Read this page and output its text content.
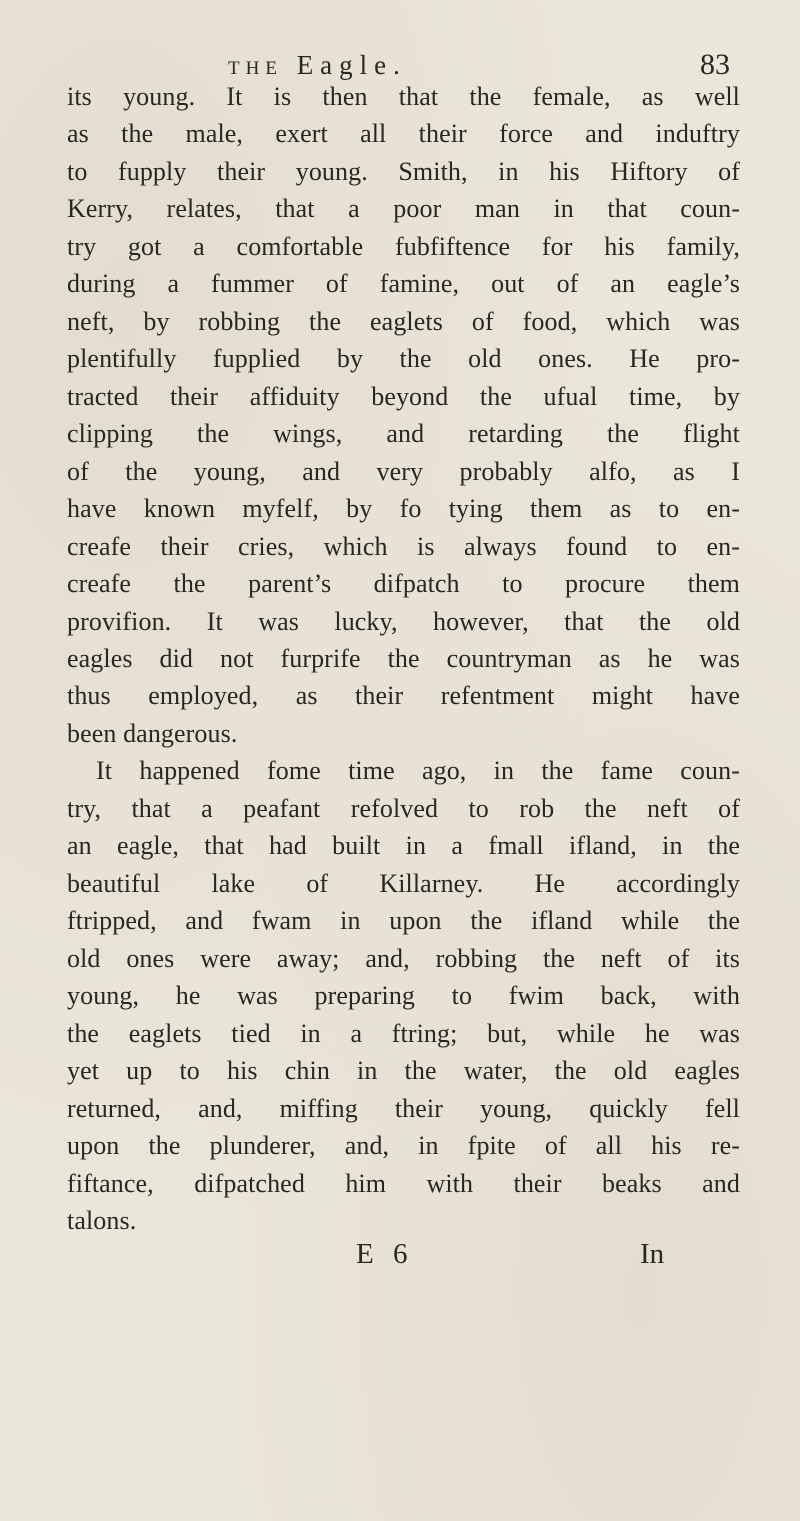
THE Eagle.	83
its young. It is then that the female, as well
as the male, exert all their force and induftry
to fupply their young. Smith, in his Hiftory of
Kerry, relates, that a poor man in that coun-
try got a comfortable fubfiftence for his family,
during a fummer of famine, out of an eagle’s
neft, by robbing the eaglets of food, which was
plentifully fupplied by the old ones. He pro-
tracted their affiduity beyond the ufual time, by
clipping the wings, and retarding the flight
of the young, and very probably alfo, as I
have known myfelf, by fo tying them as to en-
creafe their cries, which is always found to en-
creafe the parent’s difpatch to procure them
provifion. It was lucky, however, that the old
eagles did not furprife the countryman as he was
thus employed, as their refentment might have
been dangerous.
It happened fome time ago, in the fame coun-
try, that a peafant refolved to rob the neft of
an eagle, that had built in a fmall ifland, in the
beautiful lake of Killarney. He accordingly
ftripped, and fwam in upon the ifland while the
old ones were away; and, robbing the neft of its
young, he was preparing to fwim back, with
the eaglets tied in a ftring; but, while he was
yet up to his chin in the water, the old eagles
returned, and, miffing their young, quickly fell
upon the plunderer, and, in fpite of all his re-
fiftance, difpatched him with their beaks and
talons.
E 6	In
